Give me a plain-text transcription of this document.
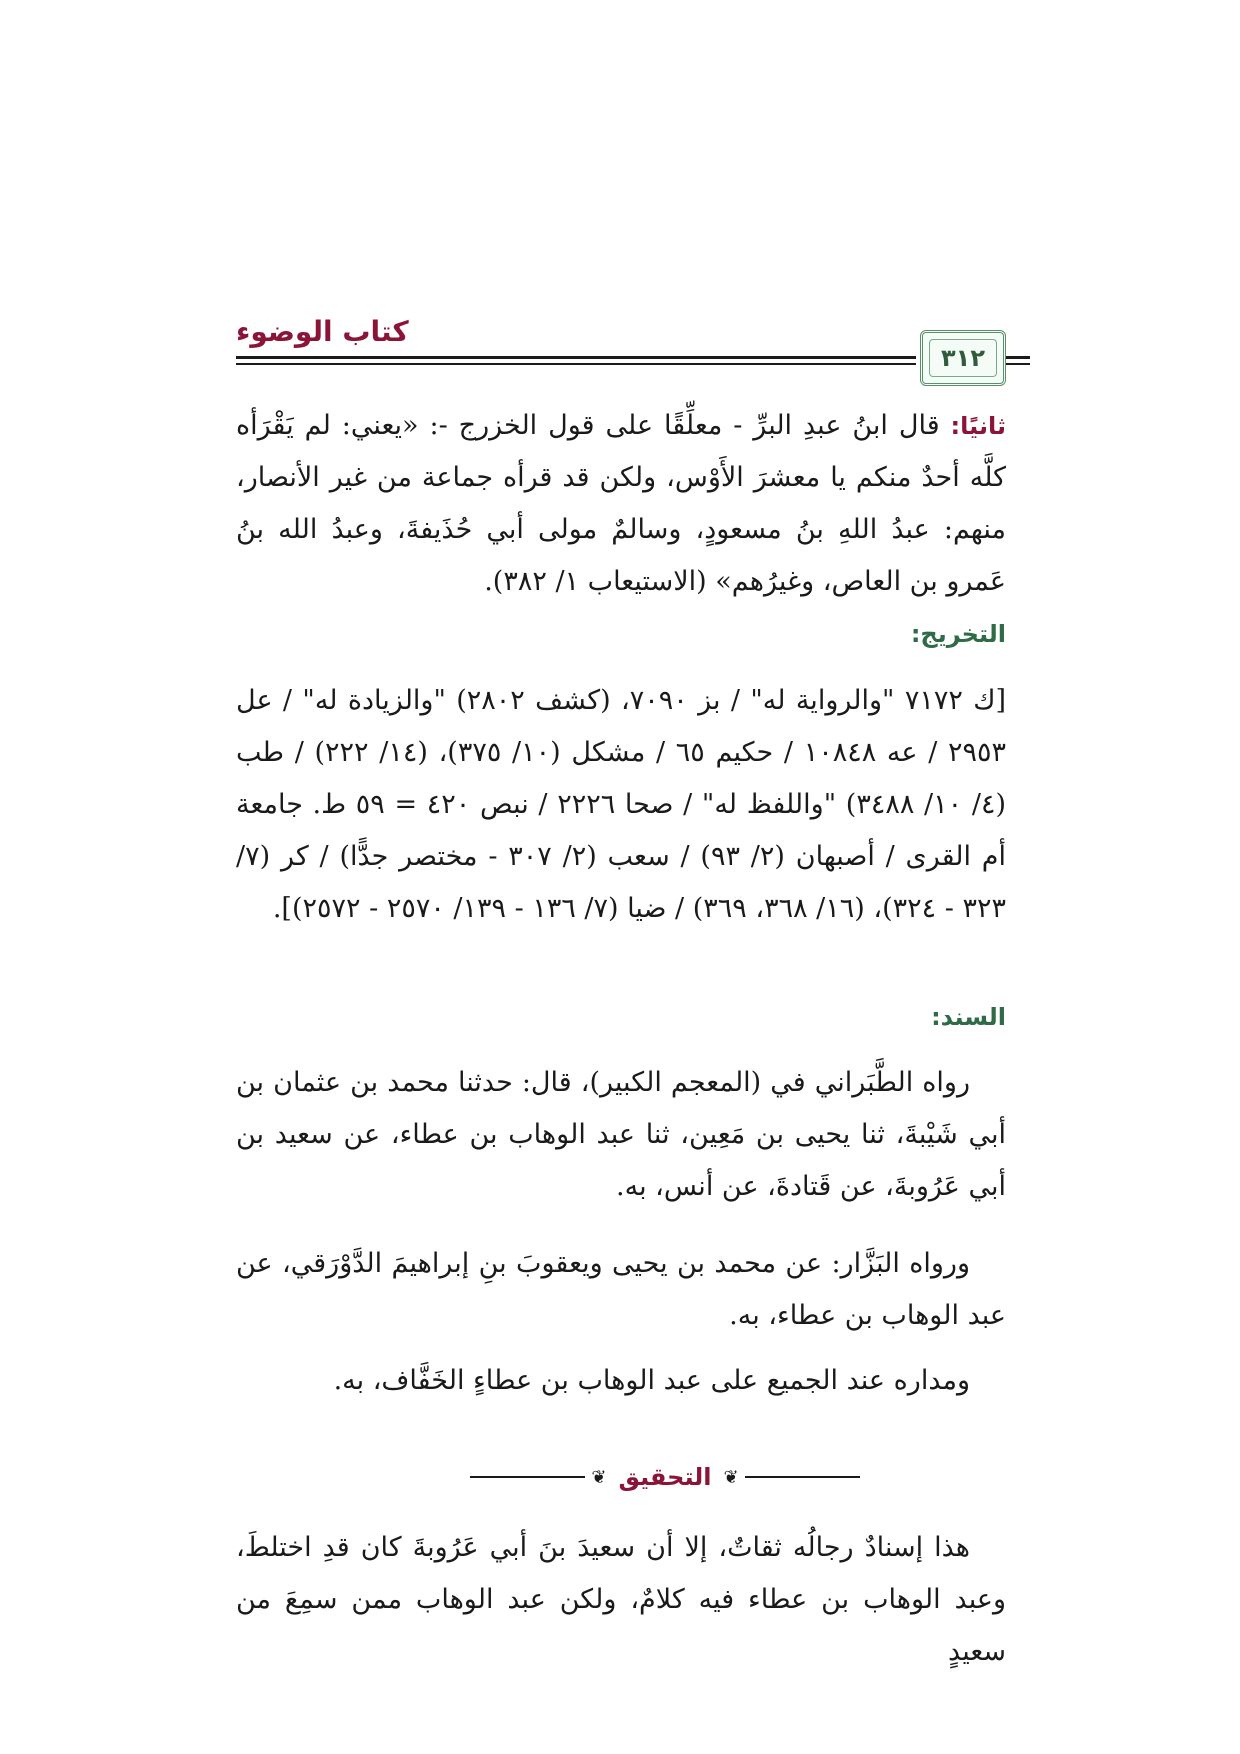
كتاب الوضوء
٣١٢
ثانيًا: قال ابنُ عبدِ البرِّ - معلِّقًا على قول الخزرج -: «يعني: لم يَقْرَأه كلَّه أحدٌ منكم يا معشرَ الأَوْس، ولكن قد قرأه جماعة من غير الأنصار، منهم: عبدُ اللهِ بنُ مسعودٍ، وسالمٌ مولى أبي حُذَيفةَ، وعبدُ الله بنُ عَمرو بن العاص، وغيرُهم» (الاستيعاب ١/ ٣٨٢).
التخريج:
[ك ٧١٧٢ "والرواية له" / بز ٧٠٩٠، (كشف ٢٨٠٢) "والزيادة له" / عل ٢٩٥٣ / عه ١٠٨٤٨ / حكيم ٦٥ / مشكل (١٠/ ٣٧٥)، (١٤/ ٢٢٢) / طب (٤/ ١٠/ ٣٤٨٨) "واللفظ له" / صحا ٢٢٢٦ / نبص ٤٢٠ = ٥٩ ط. جامعة أم القرى / أصبهان (٢/ ٩٣) / سعب (٢/ ٣٠٧ - مختصر جدًّا) / كر (٧/ ٣٢٣ - ٣٢٤)، (١٦/ ٣٦٨، ٣٦٩) / ضيا (٧/ ١٣٦ - ١٣٩/ ٢٥٧٠ - ٢٥٧٢)].
السند:
رواه الطَّبَراني في (المعجم الكبير)، قال: حدثنا محمد بن عثمان بن أبي شَيْبةَ، ثنا يحيى بن مَعِين، ثنا عبد الوهاب بن عطاء، عن سعيد بن أبي عَرُوبةَ، عن قَتادةَ، عن أنس، به.
ورواه البَزَّار: عن محمد بن يحيى ويعقوبَ بنِ إبراهيمَ الدَّوْرَقي، عن عبد الوهاب بن عطاء، به.
ومداره عند الجميع على عبد الوهاب بن عطاءٍ الخَفَّاف، به.
❦
التحقيق
❦
هذا إسنادٌ رجالُه ثقاتٌ، إلا أن سعيدَ بنَ أبي عَرُوبةَ كان قدِ اختلطَ، وعبد الوهاب بن عطاء فيه كلامٌ، ولكن عبد الوهاب ممن سمِعَ من سعيدٍ
